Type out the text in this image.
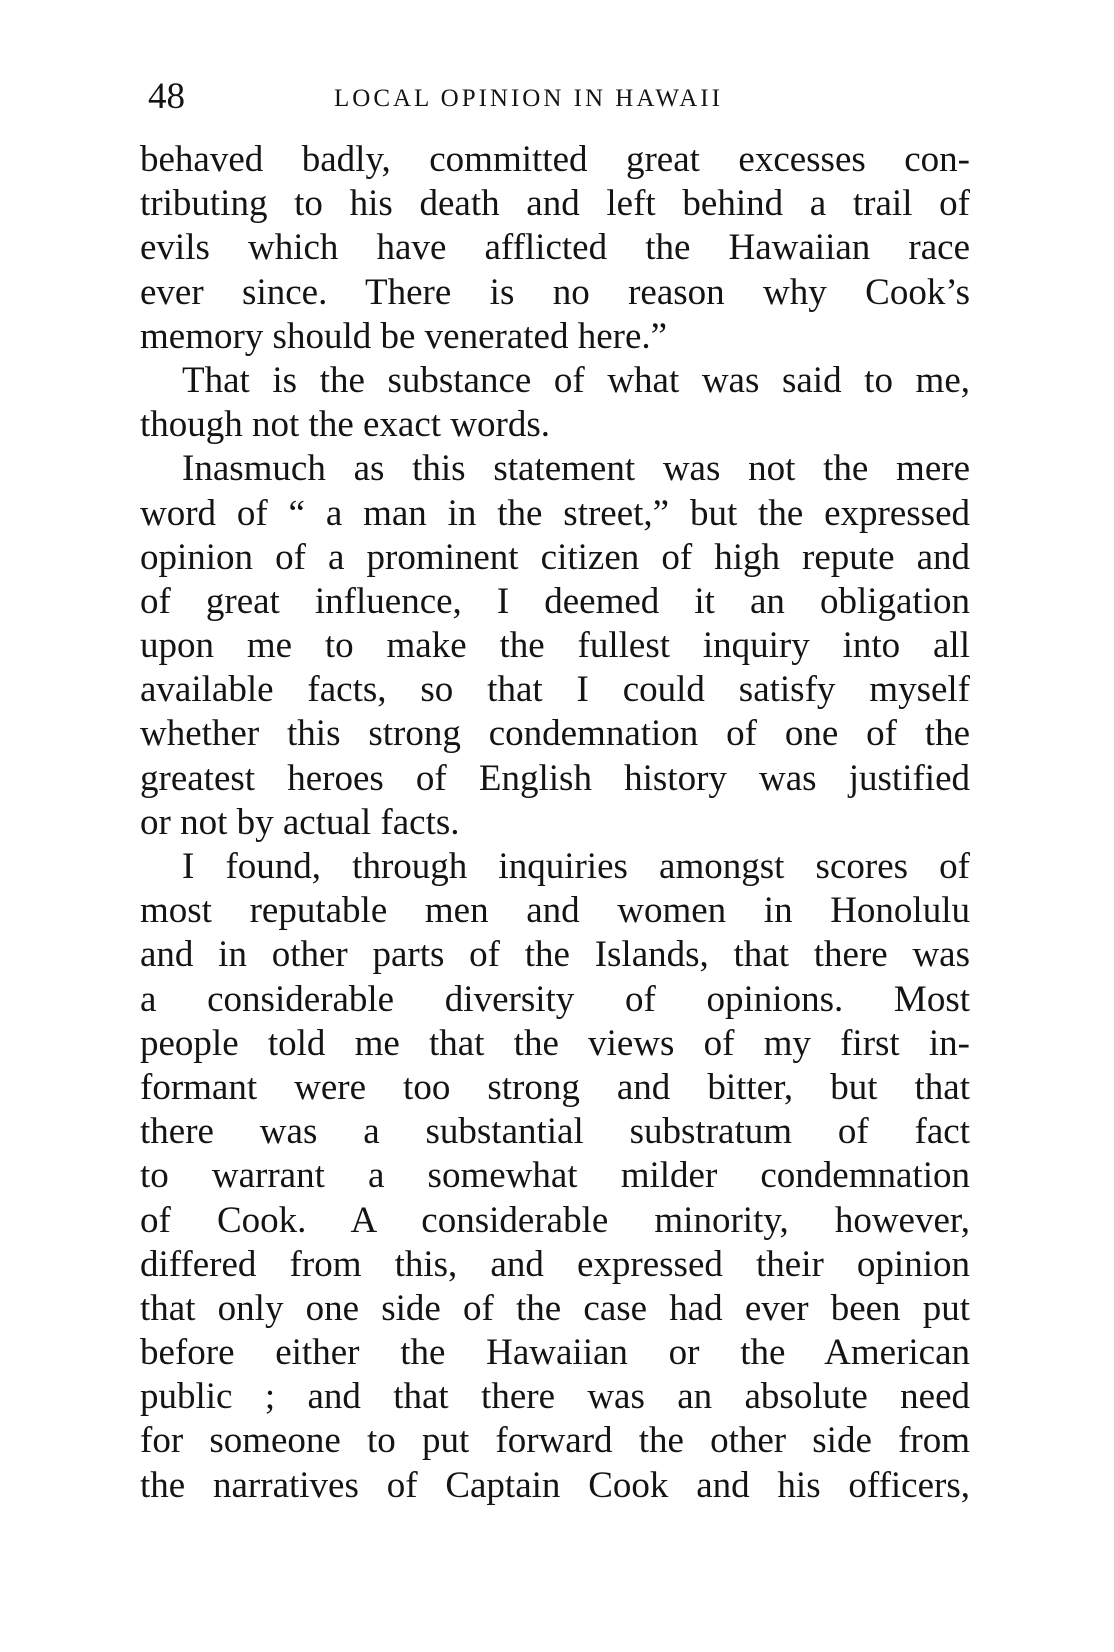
48	LOCAL OPINION IN HAWAII
behaved badly, committed great excesses con-
tributing to his death and left behind a trail of
evils which have afflicted the Hawaiian race
ever since. There is no reason why Cook’s
memory should be venerated here.”
That is the substance of what was said to me,
though not the exact words.
Inasmuch as this statement was not the mere
word of “ a man in the street,” but the expressed
opinion of a prominent citizen of high repute and
of great influence, I deemed it an obligation
upon me to make the fullest inquiry into all
available facts, so that I could satisfy myself
whether this strong condemnation of one of the
greatest heroes of English history was justified
or not by actual facts.
I found, through inquiries amongst scores of
most reputable men and women in Honolulu
and in other parts of the Islands, that there was
a considerable diversity of opinions. Most
people told me that the views of my first in-
formant were too strong and bitter, but that
there was a substantial substratum of fact
to warrant a somewhat milder condemnation
of Cook. A considerable minority, however,
differed from this, and expressed their opinion
that only one side of the case had ever been put
before either the Hawaiian or the American
public ; and that there was an absolute need
for someone to put forward the other side from
the narratives of Captain Cook and his officers,
